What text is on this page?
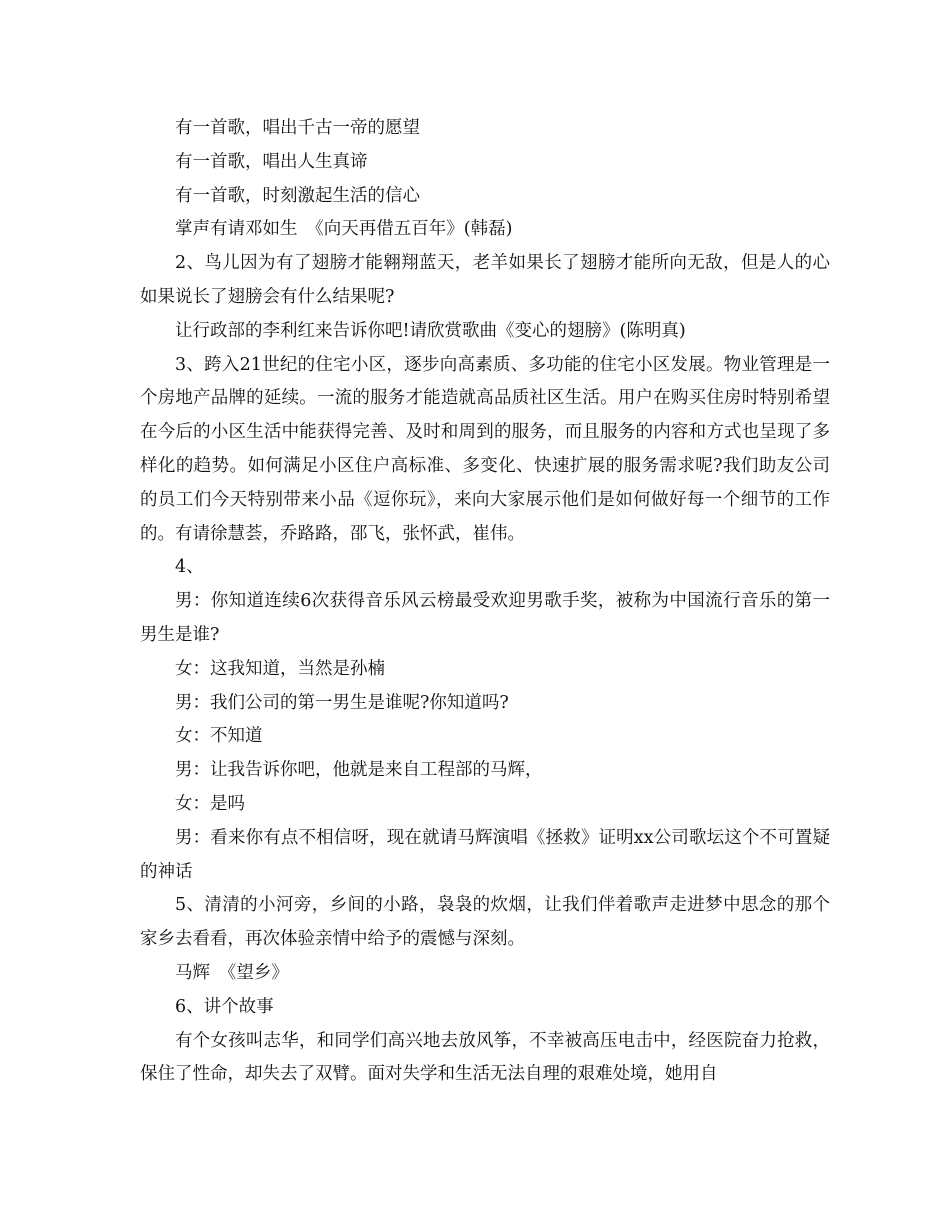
有一首歌，唱出千古一帝的愿望

有一首歌，唱出人生真谛

有一首歌，时刻激起生活的信心

掌声有请邓如生　《向天再借五百年》(韩磊)

2、鸟儿因为有了翅膀才能翱翔蓝天，老羊如果长了翅膀才能所向无敌，但是人的心如果说长了翅膀会有什么结果呢?

让行政部的李利红来告诉你吧!请欣赏歌曲《变心的翅膀》(陈明真)

3、跨入21世纪的住宅小区，逐步向高素质、多功能的住宅小区发展。物业管理是一个房地产品牌的延续。一流的服务才能造就高品质社区生活。用户在购买住房时特别希望在今后的小区生活中能获得完善、及时和周到的服务，而且服务的内容和方式也呈现了多样化的趋势。如何满足小区住户高标准、多变化、快速扩展的服务需求呢?我们助友公司的员工们今天特别带来小品《逗你玩》，来向大家展示他们是如何做好每一个细节的工作的。有请徐慧荟，乔路路，邵飞，张怀武，崔伟。

4、

男：你知道连续6次获得音乐风云榜最受欢迎男歌手奖，被称为中国流行音乐的第一男生是谁?

女：这我知道，当然是孙楠

男：我们公司的第一男生是谁呢?你知道吗?

女：不知道

男：让我告诉你吧，他就是来自工程部的马辉，

女：是吗

男：看来你有点不相信呀，现在就请马辉演唱《拯救》证明xx公司歌坛这个不可置疑的神话

5、清清的小河旁，乡间的小路，袅袅的炊烟，让我们伴着歌声走进梦中思念的那个家乡去看看，再次体验亲情中给予的震憾与深刻。

马辉　《望乡》

6、讲个故事

有个女孩叫志华，和同学们高兴地去放风筝，不幸被高压电击中，经医院奋力抢救，保住了性命，却失去了双臂。面对失学和生活无法自理的艰难处境，她用自
